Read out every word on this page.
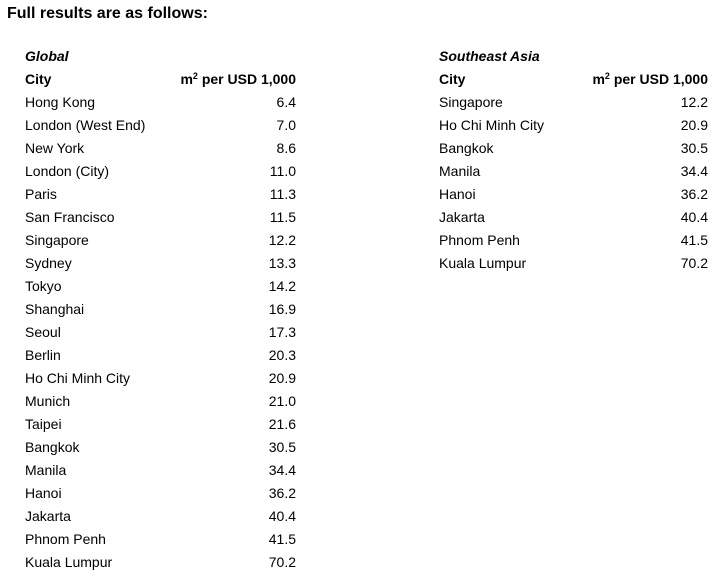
Full results are as follows:
Global
City	$m^2$ per USD 1,000
Hong Kong	6.4
London (West End)	7.0
New York	8.6
London (City)	11.0
Paris	11.3
San Francisco	11.5
Singapore	12.2
Sydney	13.3
Tokyo	14.2
Shanghai	16.9
Seoul	17.3
Berlin	20.3
Ho Chi Minh City	20.9
Munich	21.0
Taipei	21.6
Bangkok	30.5
Manila	34.4
Hanoi	36.2
Jakarta	40.4
Phnom Penh	41.5
Kuala Lumpur	70.2
Southeast Asia
City	$m^2$ per USD 1,000
Singapore	12.2
Ho Chi Minh City	20.9
Bangkok	30.5
Manila	34.4
Hanoi	36.2
Jakarta	40.4
Phnom Penh	41.5
Kuala Lumpur	70.2
